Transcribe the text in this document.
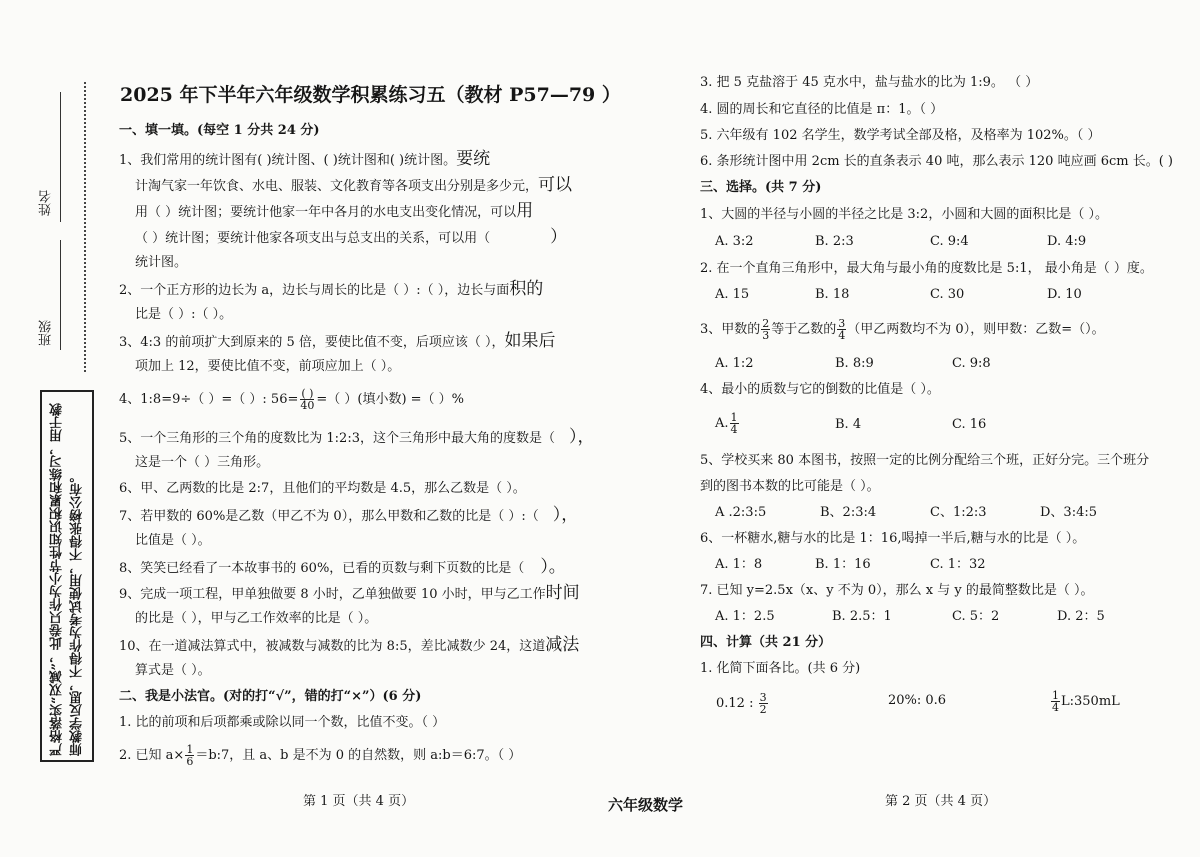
姓名
班级
严格落实“双减”，此卷只作为小节性知识积累和练习，用于教师教学反思，不得作为考试使用，不得张榜公布。
2025 年下半年六年级数学积累练习五（教材 P57—79 ）
一、填一填。(每空 1 分共 24 分)
1、我们常用的统计图有( )统计图、( )统计图和( )统计图。要统
计淘气家一年饮食、水电、服装、文化教育等各项支出分别是多少元，可以
用（ ）统计图；要统计他家一年中各月的水电支出变化情况，可以用
（ ）统计图；要统计他家各项支出与总支出的关系，可以用（	）
统计图。
2、一个正方形的边长为 a，边长与周长的比是（ ）:（ ），边长与面积的
比是（ ）:（ ）。
3、4:3 的前项扩大到原来的 5 倍，要使比值不变，后项应该（ ），如果后
项加上 12，要使比值不变，前项应加上（ ）。
4、1:8=9÷（ ）=（ ）: $56= \frac{( )}{40}$ =（ ）(填小数) =（ ）%
5、一个三角形的三个角的度数比为 1:2:3，这个三角形中最大角的度数是（ ），
这是一个（ ）三角形。
6、甲、乙两数的比是 2:7，且他们的平均数是 4.5，那么乙数是（ ）。
7、若甲数的 60%是乙数（甲乙不为 0），那么甲数和乙数的比是（ ）:（ ），
比值是（ ）。
8、笑笑已经看了一本故事书的 60%，已看的页数与剩下页数的比是（ ）。
9、完成一项工程，甲单独做要 8 小时，乙单独做要 10 小时，甲与乙工作时间
的比是（ ），甲与乙工作效率的比是（ ）。
10、在一道减法算式中，被减数与减数的比为 8:5，差比减数少 24，这道减法
算式是（ ）。
二、我是小法官。(对的打“√”，错的打“×”）(6 分)
1. 比的前项和后项都乘或除以同一个数，比值不变。（ ）
2. 已知 $a\times \frac{1}{6}$ ＝b:7，且 a、b 是不为 0 的自然数，则 a:b＝6:7。（ ）
3. 把 5 克盐溶于 45 克水中，盐与盐水的比为 1:9。 （ ）
4. 圆的周长和它直径的比值是 π：1。（ ）
5. 六年级有 102 名学生，数学考试全部及格，及格率为 102%。（ ）
6. 条形统计图中用 2cm 长的直条表示 40 吨，那么表示 120 吨应画 6cm 长。( )
三、选择。(共 7 分)
1、大圆的半径与小圆的半径之比是 3:2，小圆和大圆的面积比是（ ）。
A. 3:2	B. 2:3	C. 9:4	D. 4:9
2. 在一个直角三角形中，最大角与最小角的度数比是 5:1， 最小角是（ ）度。
A. 15	B. 18	C. 30	D. 10
3、甲数的 $\frac{2}{3}$ 等于乙数的 $\frac{3}{4}$ （甲乙两数均不为 0），则甲数：乙数=（）。
A. 1:2	B. 8:9	C. 9:8
4、最小的质数与它的倒数的比值是（ ）。
A. $\frac{1}{4}$	B. 4	C. 16
5、学校买来 80 本图书，按照一定的比例分配给三个班，正好分完。三个班分
到的图书本数的比可能是（ ）。
A .2:3:5	B、2:3:4	C、1:2:3	D、3:4:5
6、一杯糖水,糖与水的比是 1：16,喝掉一半后,糖与水的比是（ ）。
A. 1：8	B. 1：16	C. 1：32
7. 已知 y=2.5x（x、y 不为 0），那么 x 与 y 的最简整数比是（ ）。
A. 1：2.5	B. 2.5：1	C. 5：2	D. 2：5
四、计算（共 21 分）
1. 化简下面各比。(共 6 分)
0.12 : $\frac{3}{2}$	20%: 0.6	$\frac{1}{4}$ L:350mL
第 1 页（共 4 页）	六年级数学	第 2 页（共 4 页）
